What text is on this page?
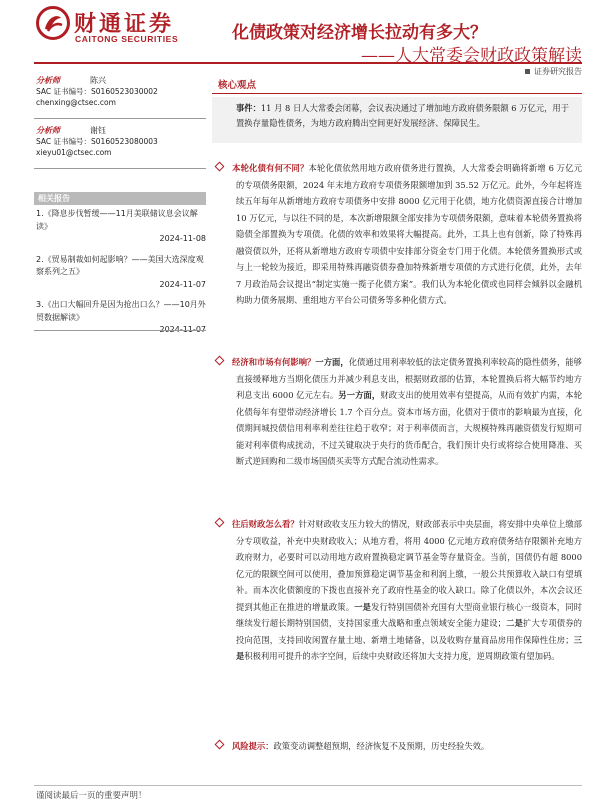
财通证券
CAITONG SECURITIES	化债政策对经济增长拉动有多大？
——人大常委会财政政策解读
证券研究报告
分析师	陈兴
SAC 证书编号：S0160523030002
chenxing@ctsec.com
分析师	谢钰
SAC 证书编号：S0160523080003
xieyu01@ctsec.com
相关报告
1.《降息步伐暂缓——11月美联储议息会议解读》
2024-11-08
2.《贸易制裁如何起影响？——美国大选深度观察系列之五》
2024-11-07
3.《出口大幅回升是因为抢出口么？——10月外贸数据解读》
核心观点
事件：11 月 8 日人大常委会闭幕，会议表决通过了增加地方政府债务限额 6 万亿元，用于置换存量隐性债务，为地方政府腾出空间更好发展经济、保障民生。
本轮化债有何不同？本轮化债依然用地方政府债务进行置换，人大常委会明确将新增 6 万亿元的专项债务限额，2024 年末地方政府专项债务限额增加到 35.52 万亿元。此外，今年起将连续五年每年从新增地方政府专项债务中安排 8000 亿元用于化债，地方化债资源直接合计增加 10 万亿元，与以往不同的是，本次新增限额全部安排为专项债务限额，意味着本轮债务置换将隐债全部置换为专项债。化债的效率和效果将大幅提高。此外，工具上也有创新，除了特殊再融资债以外，还将从新增地方政府专项债中安排部分资金专门用于化债。本轮债务置换形式或与上一轮较为接近，即采用特殊再融资债券叠加特殊新增专项债的方式进行化债，此外，去年 7 月政治局会议提出“制定实施一揽子化债方案”。我们认为本轮化债或也同样会倾斜以金融机构助力债务展期、重组地方平台公司债务等多种化债方式。
经济和市场有何影响？一方面，化债通过用利率较低的法定债务置换利率较高的隐性债务，能够直接缓释地方当期化债压力并减少利息支出，根据财政部的估算，本轮置换后将大幅节约地方利息支出 6000 亿元左右。另一方面，财政支出的使用效率有望提高，从而有效扩内需，本轮化债每年有望带动经济增长 1.7 个百分点。资本市场方面，化债对于债市的影响最为直接，化债期间城投债信用利率利差往往趋于收窄；对于利率债而言，大规模特殊再融资债发行短期可能对利率债构成扰动，不过关键取决于央行的货币配合，我们预计央行或将综合使用降准、买断式逆回购和二级市场国债买卖等方式配合流动性需求。
往后财政怎么看？针对财政收支压力较大的情况，财政部表示中央层面，将安排中央单位上缴部分专项收益，补充中央财政收入；从地方看，将用 4000 亿元地方政府债务结存限额补充地方政府财力，必要时可以动用地方政府置换稳定调节基金等存量资金。当前，国债仍有超 8000 亿元的限额空间可以使用，叠加预算稳定调节基金和利润上缴，一般公共预算收入缺口有望填补。而本次化债额度的下拨也直接补充了政府性基金的收入缺口。除了化债以外，本次会议还提到其他正在推进的增量政策。一是发行特别国债补充国有大型商业银行核心一级资本，同时继续发行超长期特别国债，支持国家重大战略和重点领域安全能力建设；二是扩大专项债券的投向范围，支持回收闲置存量土地、新增土地储备，以及收购存量商品房用作保障性住房；三是积极利用可提升的赤字空间，后续中央财政还将加大支持力度，逆周期政策有望加码。
风险提示：政策变动调整超预期，经济恢复不及预期，历史经验失效。
谨阅读最后一页的重要声明！
